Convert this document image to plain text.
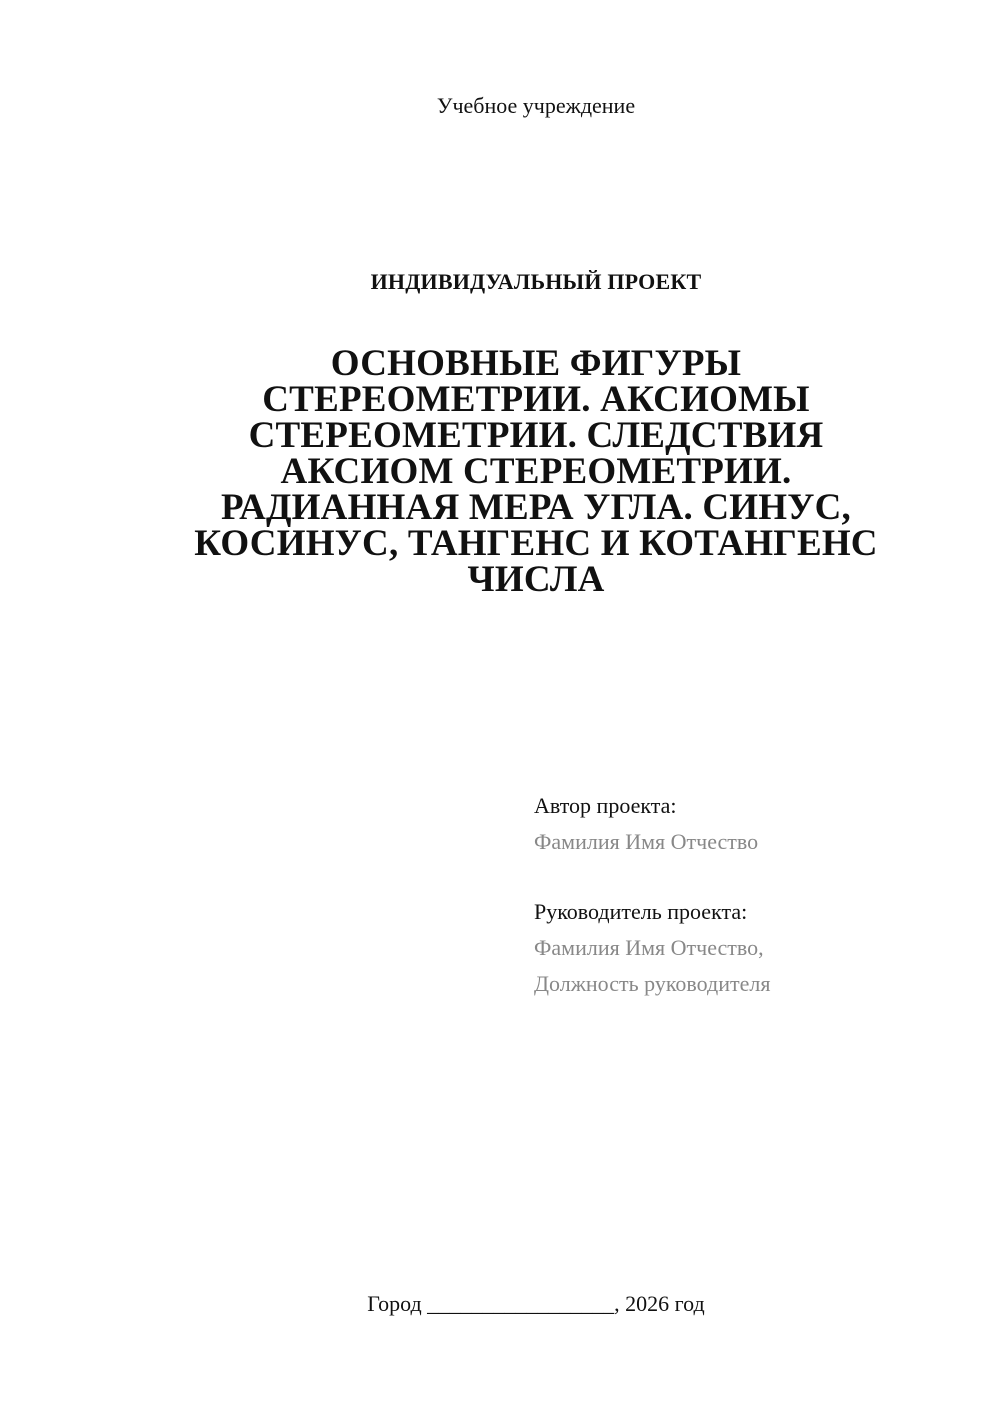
Учебное учреждение
ИНДИВИДУАЛЬНЫЙ ПРОЕКТ
ОСНОВНЫЕ ФИГУРЫ
СТЕРЕОМЕТРИИ. АКСИОМЫ
СТЕРЕОМЕТРИИ. СЛЕДСТВИЯ
АКСИОМ СТЕРЕОМЕТРИИ.
РАДИАННАЯ МЕРА УГЛА. СИНУС,
КОСИНУС, ТАНГЕНС И КОТАНГЕНС
ЧИСЛА
Автор проекта:
Фамилия Имя Отчество
Руководитель проекта:
Фамилия Имя Отчество,
Должность руководителя
Город _________________, 2026 год
